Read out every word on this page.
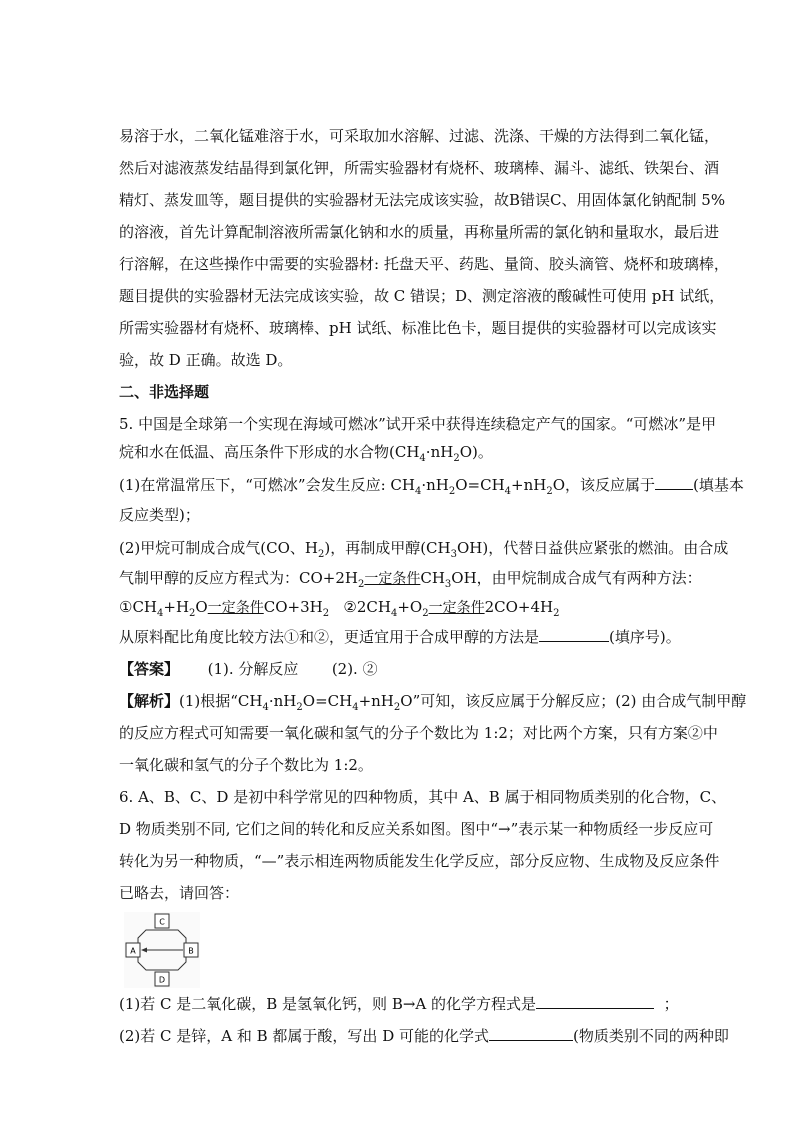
易溶于水，二氧化锰难溶于水，可采取加水溶解、过滤、洗涤、干燥的方法得到二氧化锰，
然后对滤液蒸发结晶得到氯化钾，所需实验器材有烧杯、玻璃棒、漏斗、滤纸、铁架台、酒
精灯、蒸发皿等，题目提供的实验器材无法完成该实验，故B错误C、用固体氯化钠配制 5%
的溶液，首先计算配制溶液所需氯化钠和水的质量，再称量所需的氯化钠和量取水，最后进
行溶解，在这些操作中需要的实验器材: 托盘天平、药匙、量筒、胶头滴管、烧杯和玻璃棒，
题目提供的实验器材无法完成该实验，故 C 错误；D、测定溶液的酸碱性可使用 pH 试纸，
所需实验器材有烧杯、玻璃棒、pH 试纸、标准比色卡，题目提供的实验器材可以完成该实
验，故 D 正确。故选 D。
二、非选择题
5. 中国是全球第一个实现在海域可燃冰”试开采中获得连续稳定产气的国家。“可燃冰”是甲
烷和水在低温、高压条件下形成的水合物$(CH_4\cdot nH_2O)$。
(1)在常温常压下，“可燃冰”会发生反应: $CH_4\cdot nH_2O=CH_4+nH_2O$，该反应属于	(填基本
反应类型)；
(2)甲烷可制成合成气(CO、$H_2$)，再制成甲醇$(CH_3OH)$，代替日益供应紧张的燃油。由合成
气制甲醇的反应方程式为：$CO+2H_2$一定条件$CH_3OH$，由甲烷制成合成气有两种方法：
$①CH_4+H_2O$一定条件$CO+3H_2$ $②2CH_4+O_2$一定条件$2CO+4H_2$
从原料配比角度比较方法①和②，更适宜用于合成甲醇的方法是	(填序号)。
【答案】 (1). 分解反应 (2). ②
【解析】(1)根据“$CH_4\cdot nH_2O=CH_4+nH_2O$”可知，该反应属于分解反应；(2) 由合成气制甲醇
的反应方程式可知需要一氧化碳和氢气的分子个数比为 1:2；对比两个方案，只有方案②中
一氧化碳和氢气的分子个数比为 1:2。
6. A、B、C、D 是初中科学常见的四种物质，其中 A、B 属于相同物质类别的化合物，C、
D 物质类别不同, 它们之间的转化和反应关系如图。图中“→”表示某一种物质经一步反应可
转化为另一种物质，“—”表示相连两物质能发生化学反应，部分反应物、生成物及反应条件
已略去，请回答：
C
A	B
D
(1)若 C 是二氧化碳，B 是氢氧化钙，则 B→A 的化学方程式是	；
(2)若 C 是锌，A 和 B 都属于酸，写出 D 可能的化学式	(物质类别不同的两种即
